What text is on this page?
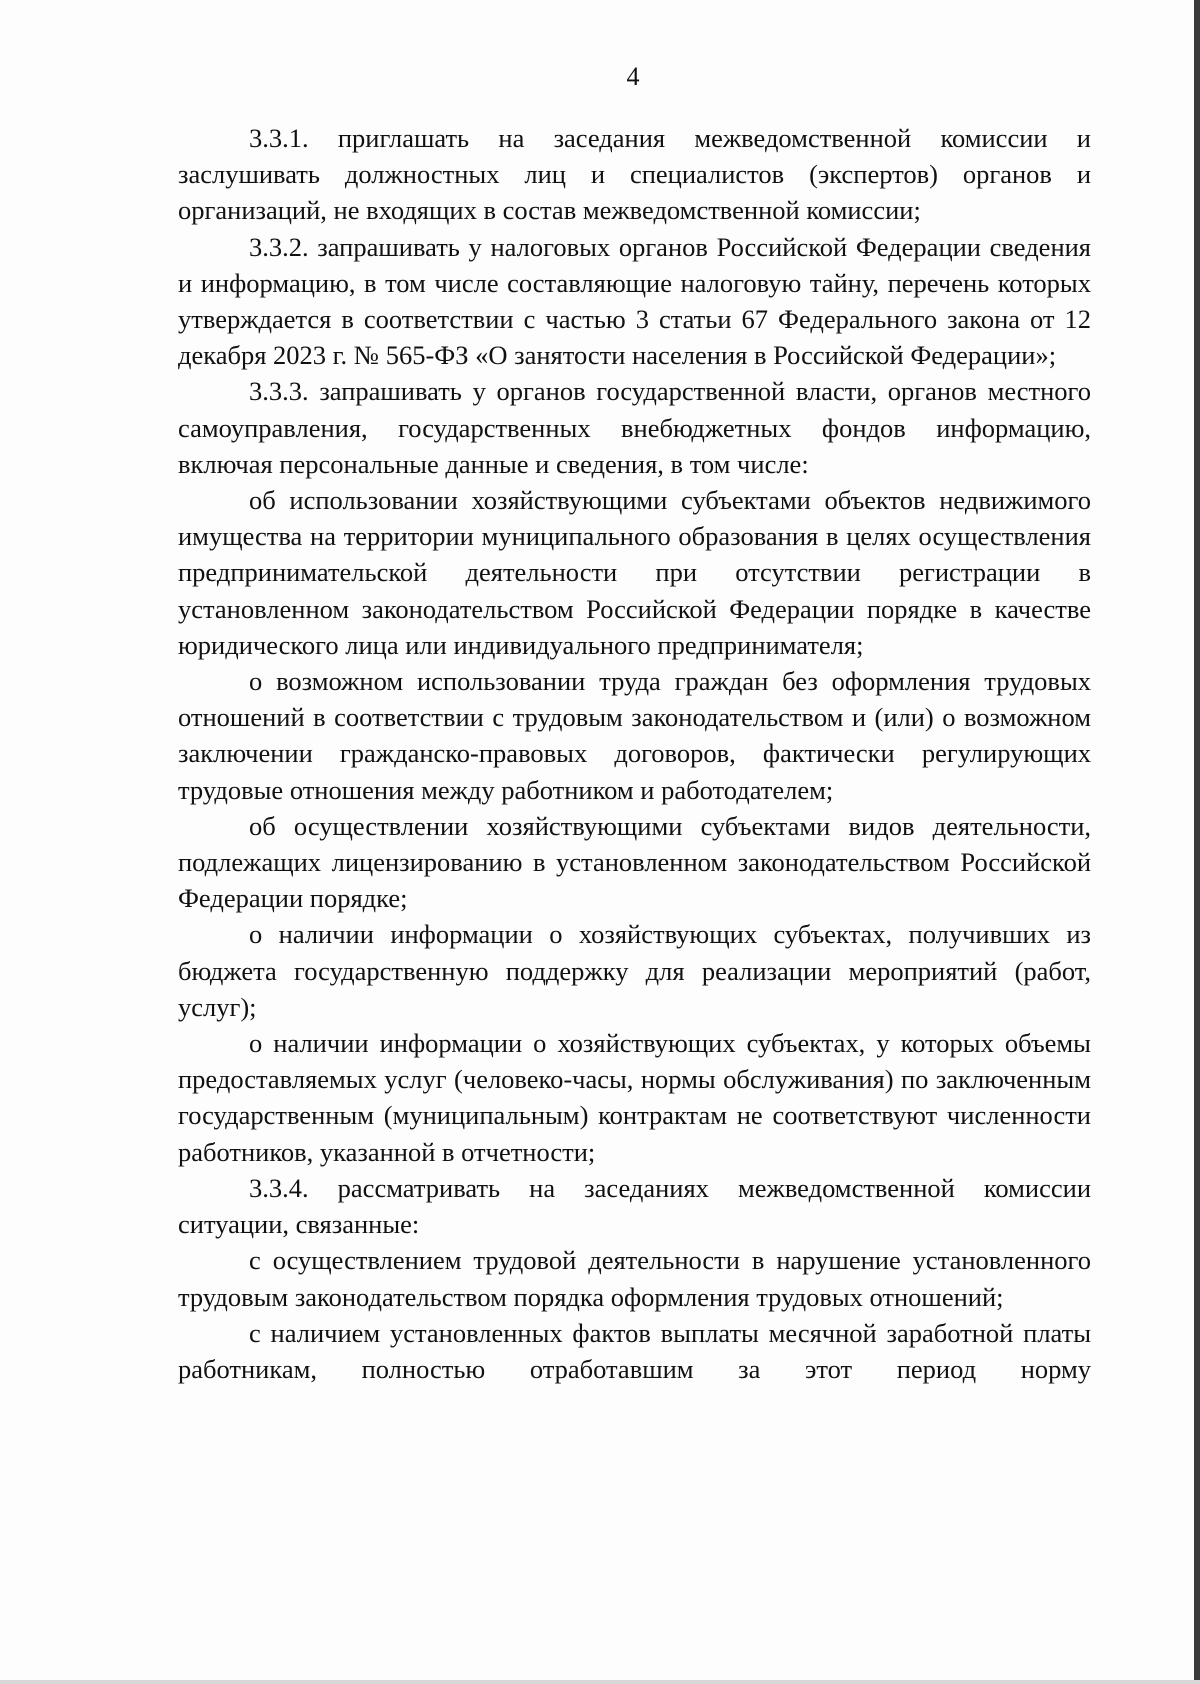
4

3.3.1. приглашать на заседания межведомственной комиссии и заслушивать должностных лиц и специалистов (экспертов) органов и организаций, не входящих в состав межведомственной комиссии;

3.3.2. запрашивать у налоговых органов Российской Федерации сведения и информацию, в том числе составляющие налоговую тайну, перечень которых утверждается в соответствии с частью 3 статьи 67 Федерального закона от 12 декабря 2023 г. № 565-ФЗ «О занятости населения в Российской Федерации»;

3.3.3. запрашивать у органов государственной власти, органов местного самоуправления, государственных внебюджетных фондов информацию, включая персональные данные и сведения, в том числе:

об использовании хозяйствующими субъектами объектов недвижимого имущества на территории муниципального образования в целях осуществления предпринимательской деятельности при отсутствии регистрации в установленном законодательством Российской Федерации порядке в качестве юридического лица или индивидуального предпринимателя;

о возможном использовании труда граждан без оформления трудовых отношений в соответствии с трудовым законодательством и (или) о возможном заключении гражданско-правовых договоров, фактически регулирующих трудовые отношения между работником и работодателем;

об осуществлении хозяйствующими субъектами видов деятельности, подлежащих лицензированию в установленном законодательством Российской Федерации порядке;

о наличии информации о хозяйствующих субъектах, получивших из бюджета государственную поддержку для реализации мероприятий (работ, услуг);

о наличии информации о хозяйствующих субъектах, у которых объемы предоставляемых услуг (человеко-часы, нормы обслуживания) по заключенным государственным (муниципальным) контрактам не соответствуют численности работников, указанной в отчетности;

3.3.4. рассматривать на заседаниях межведомственной комиссии ситуации, связанные:

с осуществлением трудовой деятельности в нарушение установленного трудовым законодательством порядка оформления трудовых отношений;

с наличием установленных фактов выплаты месячной заработной платы работникам, полностью отработавшим за этот период норму
